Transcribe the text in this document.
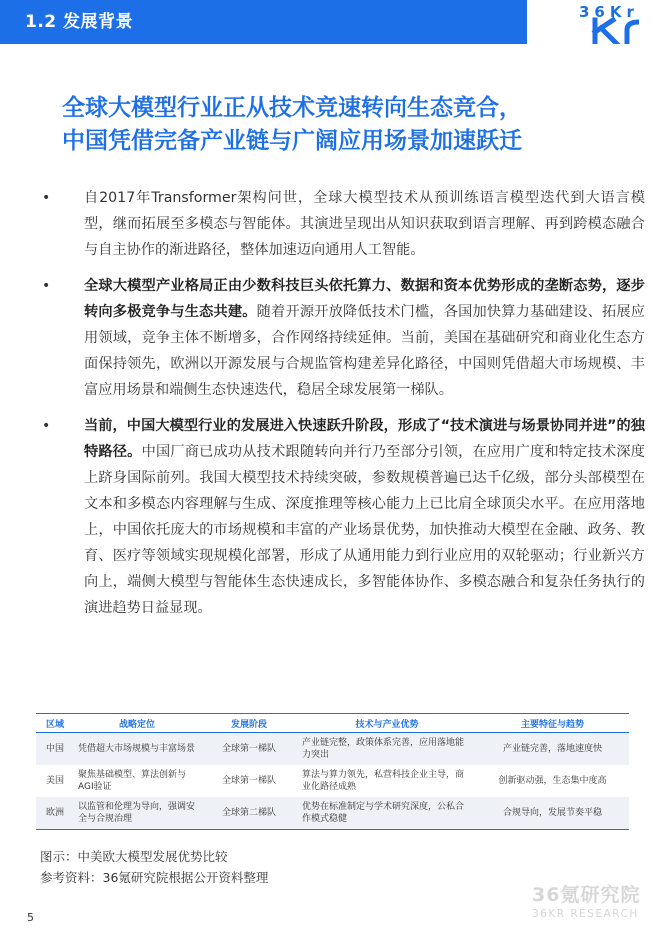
1.2 发展背景	36Kr
全球大模型行业正从技术竞速转向生态竞合，
中国凭借完备产业链与广阔应用场景加速跃迁
• 自2017年Transformer架构问世，全球大模型技术从预训练语言模型迭代到大语言模型，继而拓展至多模态与智能体。其演进呈现出从知识获取到语言理解、再到跨模态融合与自主协作的渐进路径，整体加速迈向通用人工智能。
• 全球大模型产业格局正由少数科技巨头依托算力、数据和资本优势形成的垄断态势，逐步转向多极竞争与生态共建。随着开源开放降低技术门槛，各国加快算力基础建设、拓展应用领域，竞争主体不断增多，合作网络持续延伸。当前，美国在基础研究和商业化生态方面保持领先，欧洲以开源发展与合规监管构建差异化路径，中国则凭借超大市场规模、丰富应用场景和端侧生态快速迭代，稳居全球发展第一梯队。
• 当前，中国大模型行业的发展进入快速跃升阶段，形成了“技术演进与场景协同并进”的独特路径。中国厂商已成功从技术跟随转向并行乃至部分引领，在应用广度和特定技术深度上跻身国际前列。我国大模型技术持续突破，参数规模普遍已达千亿级，部分头部模型在文本和多模态内容理解与生成、深度推理等核心能力上已比肩全球顶尖水平。在应用落地上，中国依托庞大的市场规模和丰富的产业场景优势，加快推动大模型在金融、政务、教育、医疗等领域实现规模化部署，形成了从通用能力到行业应用的双轮驱动；行业新兴方向上，端侧大模型与智能体生态快速成长，多智能体协作、多模态融合和复杂任务执行的演进趋势日益显现。
区域	战略定位	发展阶段	技术与产业优势	主要特征与趋势
中国	凭借超大市场规模与丰富场景	全球第一梯队	产业链完整，政策体系完善，应用落地能力突出	产业链完善，落地速度快
美国	聚焦基础模型、算法创新与AGI验证	全球第一梯队	算法与算力领先，私营科技企业主导，商业化路径成熟	创新驱动强，生态集中度高
欧洲	以监管和伦理为导向，强调安全与合规治理	全球第二梯队	优势在标准制定与学术研究深度，公私合作模式稳健	合规导向，发展节奏平稳
图示：中美欧大模型发展优势比较
参考资料：36氪研究院根据公开资料整理
36氪研究院
36KR RESEARCH
5
